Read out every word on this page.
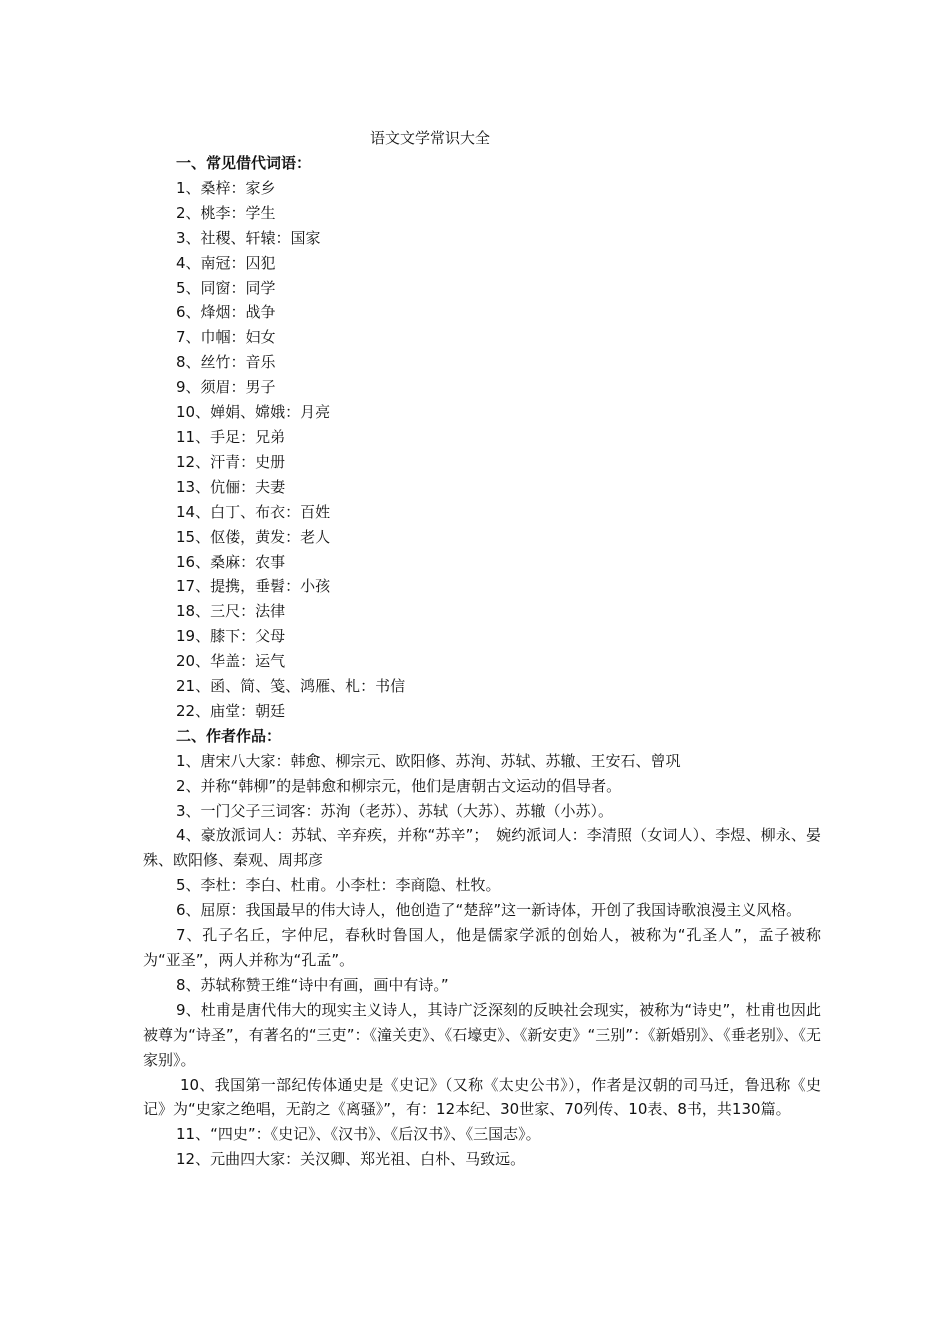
语文文学常识大全
一、常见借代词语：
1、桑梓：家乡
2、桃李：学生
3、社稷、轩辕：国家
4、南冠：囚犯
5、同窗：同学
6、烽烟：战争
7、巾帼：妇女
8、丝竹：音乐
9、须眉：男子
10、婵娟、嫦娥：月亮
11、手足：兄弟
12、汗青：史册
13、伉俪：夫妻
14、白丁、布衣：百姓
15、伛偻，黄发：老人
16、桑麻：农事
17、提携，垂髫：小孩
18、三尺：法律
19、膝下：父母
20、华盖：运气
21、函、简、笺、鸿雁、札：书信
22、庙堂：朝廷
二、作者作品：
1、唐宋八大家：韩愈、柳宗元、欧阳修、苏洵、苏轼、苏辙、王安石、曾巩
2、并称“韩柳”的是韩愈和柳宗元，他们是唐朝古文运动的倡导者。
3、一门父子三词客：苏洵（老苏）、苏轼（大苏）、苏辙（小苏）。
4、豪放派词人：苏轼、辛弃疾，并称“苏辛”；　婉约派词人：李清照（女词人）、李煜、柳永、晏殊、欧阳修、秦观、周邦彦
5、李杜：李白、杜甫。小李杜：李商隐、杜牧。
6、屈原：我国最早的伟大诗人，他创造了“楚辞”这一新诗体，开创了我国诗歌浪漫主义风格。
7、孔子名丘，字仲尼，春秋时鲁国人，他是儒家学派的创始人，被称为“孔圣人”，孟子被称为“亚圣”，两人并称为“孔孟”。
8、苏轼称赞王维“诗中有画，画中有诗。”
9、杜甫是唐代伟大的现实主义诗人，其诗广泛深刻的反映社会现实，被称为“诗史”，杜甫也因此被尊为“诗圣”，有著名的“三吏”：《潼关吏》、《石壕吏》、《新安吏》“三别”：《新婚别》、《垂老别》、《无家别》。
10、我国第一部纪传体通史是《史记》（又称《太史公书》），作者是汉朝的司马迁，鲁迅称《史记》为“史家之绝唱，无韵之《离骚》”，有：12本纪、30世家、70列传、10表、8书，共130篇。
11、“四史”：《史记》、《汉书》、《后汉书》、《三国志》。
12、元曲四大家：关汉卿、郑光祖、白朴、马致远。
